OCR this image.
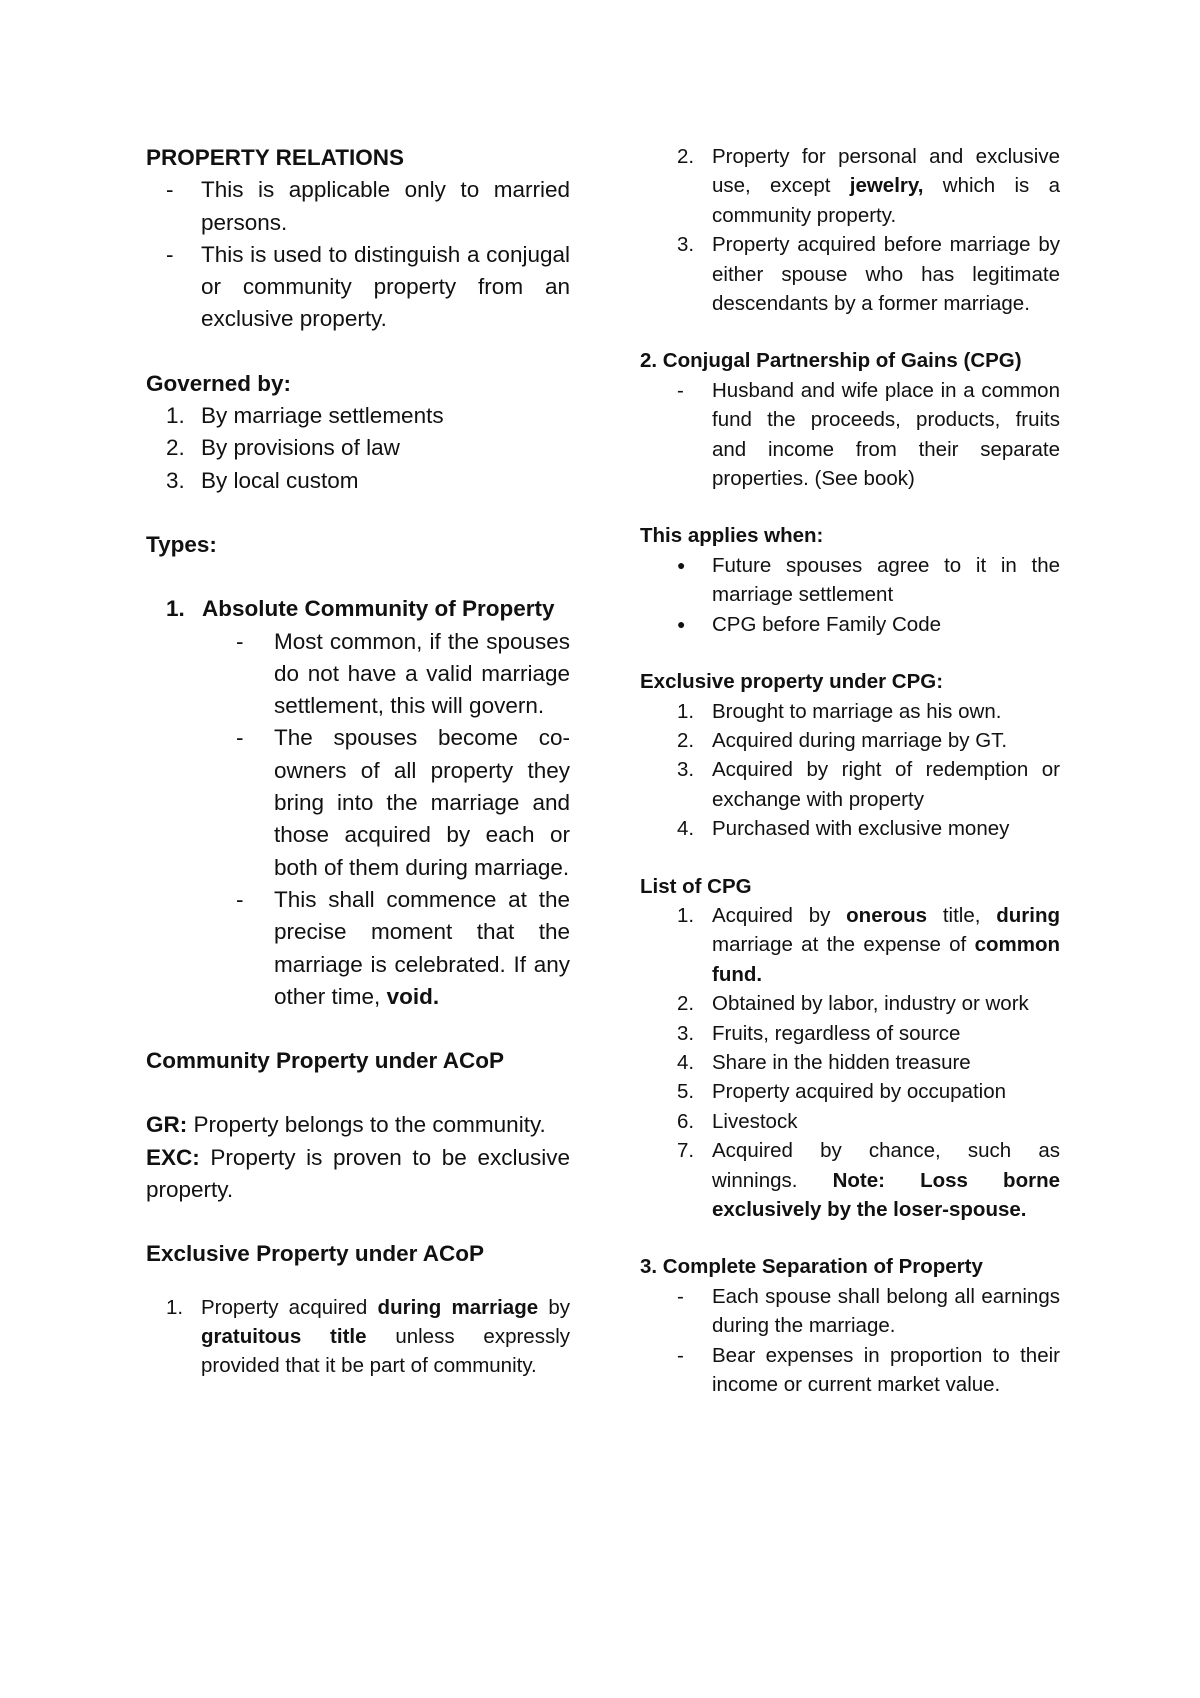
PROPERTY RELATIONS
- This is applicable only to married persons.
- This is used to distinguish a conjugal or community property from an exclusive property.
Governed by:
1. By marriage settlements
2. By provisions of law
3. By local custom
Types:
1. Absolute Community of Property
- Most common, if the spouses do not have a valid marriage settlement, this will govern.
- The spouses become co-owners of all property they bring into the marriage and those acquired by each or both of them during marriage.
- This shall commence at the precise moment that the marriage is celebrated. If any other time, void.
Community Property under ACoP
GR: Property belongs to the community.
EXC: Property is proven to be exclusive property.
Exclusive Property under ACoP
1. Property acquired during marriage by gratuitous title unless expressly provided that it be part of community.
2. Property for personal and exclusive use, except jewelry, which is a community property.
3. Property acquired before marriage by either spouse who has legitimate descendants by a former marriage.
2. Conjugal Partnership of Gains (CPG)
- Husband and wife place in a common fund the proceeds, products, fruits and income from their separate properties. (See book)
This applies when:
● Future spouses agree to it in the marriage settlement
● CPG before Family Code
Exclusive property under CPG:
1. Brought to marriage as his own.
2. Acquired during marriage by GT.
3. Acquired by right of redemption or exchange with property
4. Purchased with exclusive money
List of CPG
1. Acquired by onerous title, during marriage at the expense of common fund.
2. Obtained by labor, industry or work
3. Fruits, regardless of source
4. Share in the hidden treasure
5. Property acquired by occupation
6. Livestock
7. Acquired by chance, such as winnings. Note: Loss borne exclusively by the loser-spouse.
3. Complete Separation of Property
- Each spouse shall belong all earnings during the marriage.
- Bear expenses in proportion to their income or current market value.
